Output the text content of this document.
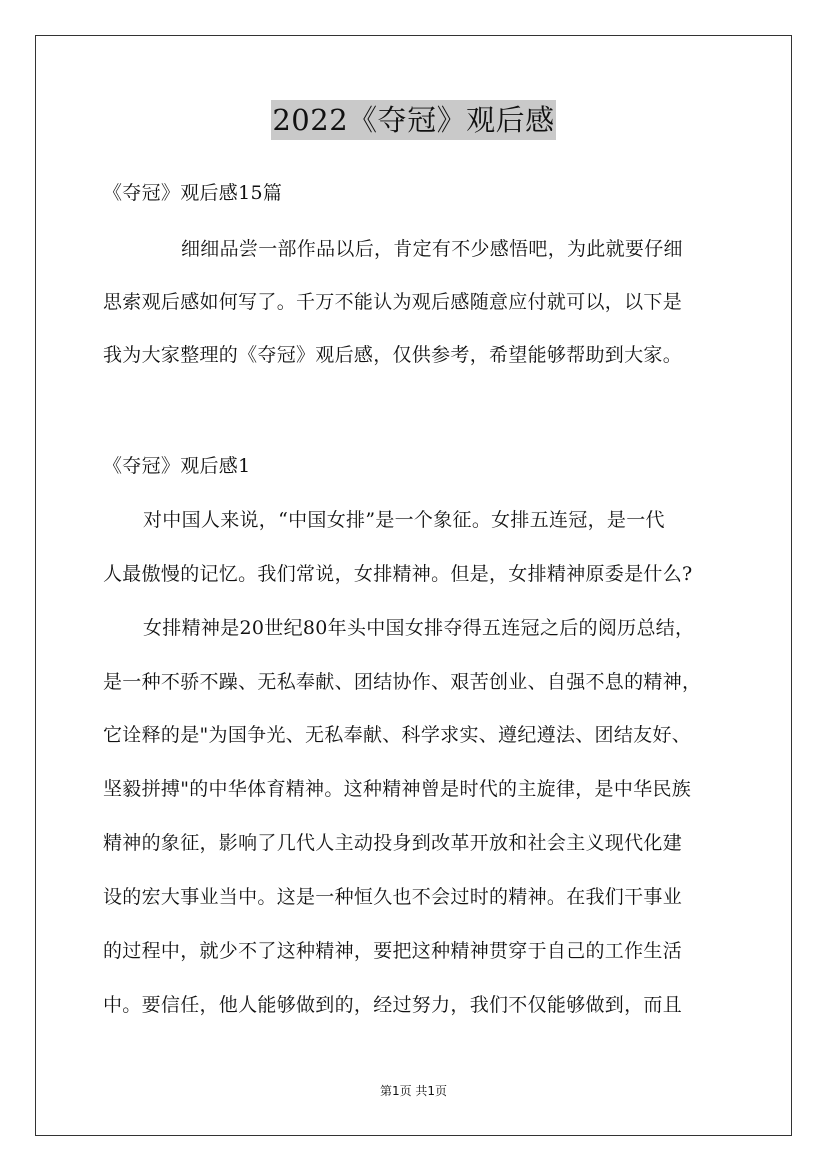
2022《夺冠》观后感
《夺冠》观后感15篇
细细品尝一部作品以后，肯定有不少感悟吧，为此就要仔细
思索观后感如何写了。千万不能认为观后感随意应付就可以，以下是
我为大家整理的《夺冠》观后感，仅供参考，希望能够帮助到大家。
《夺冠》观后感1
对中国人来说，“中国女排”是一个象征。女排五连冠，是一代
人最傲慢的记忆。我们常说，女排精神。但是，女排精神原委是什么?
女排精神是20世纪80年头中国女排夺得五连冠之后的阅历总结，
是一种不骄不躁、无私奉献、团结协作、艰苦创业、自强不息的精神，
它诠释的是"为国争光、无私奉献、科学求实、遵纪遵法、团结友好、
坚毅拼搏"的中华体育精神。这种精神曾是时代的主旋律，是中华民族
精神的象征，影响了几代人主动投身到改革开放和社会主义现代化建
设的宏大事业当中。这是一种恒久也不会过时的精神。在我们干事业
的过程中，就少不了这种精神，要把这种精神贯穿于自己的工作生活
中。要信任，他人能够做到的，经过努力，我们不仅能够做到，而且
第1页 共1页
